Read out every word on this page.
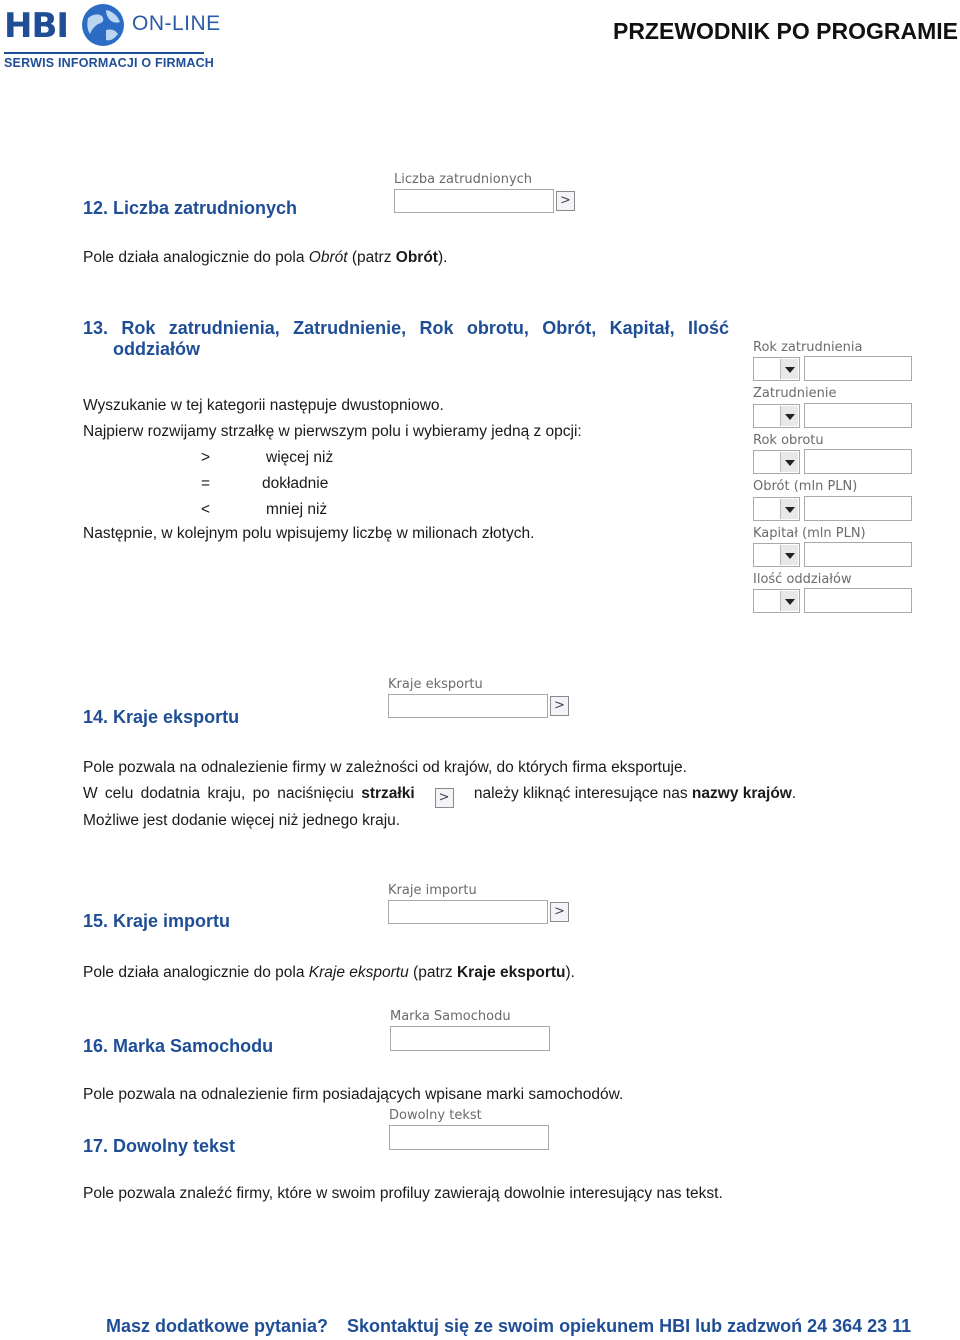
HBI	ON-LINE
SERWIS INFORMACJI O FIRMACH
PRZEWODNIK PO PROGRAMIE
12. Liczba zatrudnionych
Liczba zatrudnionych
>

Pole działa analogicznie do pola Obrót (patrz Obrót).

13. Rok zatrudnienia, Zatrudnienie, Rok obrotu, Obrót, Kapitał, Ilość
oddziałów

Wyszukanie w tej kategorii następuje dwustopniowo.

Najpierw rozwijamy strzałkę w pierwszym polu i wybieramy jedną z opcji:

>	więcej niż

=	dokładnie

<	mniej niż

Następnie, w kolejnym polu wpisujemy liczbę w milionach złotych.

Rok zatrudnienia
Zatrudnienie
Rok obrotu
Obrót (mln PLN)
Kapitał (mln PLN)
Ilość oddziałów
Kraje eksportu
>
14. Kraje eksportu

Pole pozwala na odnalezienie firmy w zależności od krajów, do których firma eksportuje.

W celu dodatnia kraju, po naciśnięciu strzałki > należy kliknąć interesujące nas nazwy krajów.

Możliwe jest dodanie więcej niż jednego kraju.

Kraje importu
>
15. Kraje importu

Pole działa analogicznie do pola Kraje eksportu (patrz Kraje eksportu).

Marka Samochodu
16. Marka Samochodu

Pole pozwala na odnalezienie firm posiadających wpisane marki samochodów.

Dowolny tekst
17. Dowolny tekst

Pole pozwala znaleźć firmy, które w swoim profiluy zawierają dowolnie interesujący nas tekst.

Masz dodatkowe pytania? Skontaktuj się ze swoim opiekunem HBI lub zadzwoń 24 364 23 11
